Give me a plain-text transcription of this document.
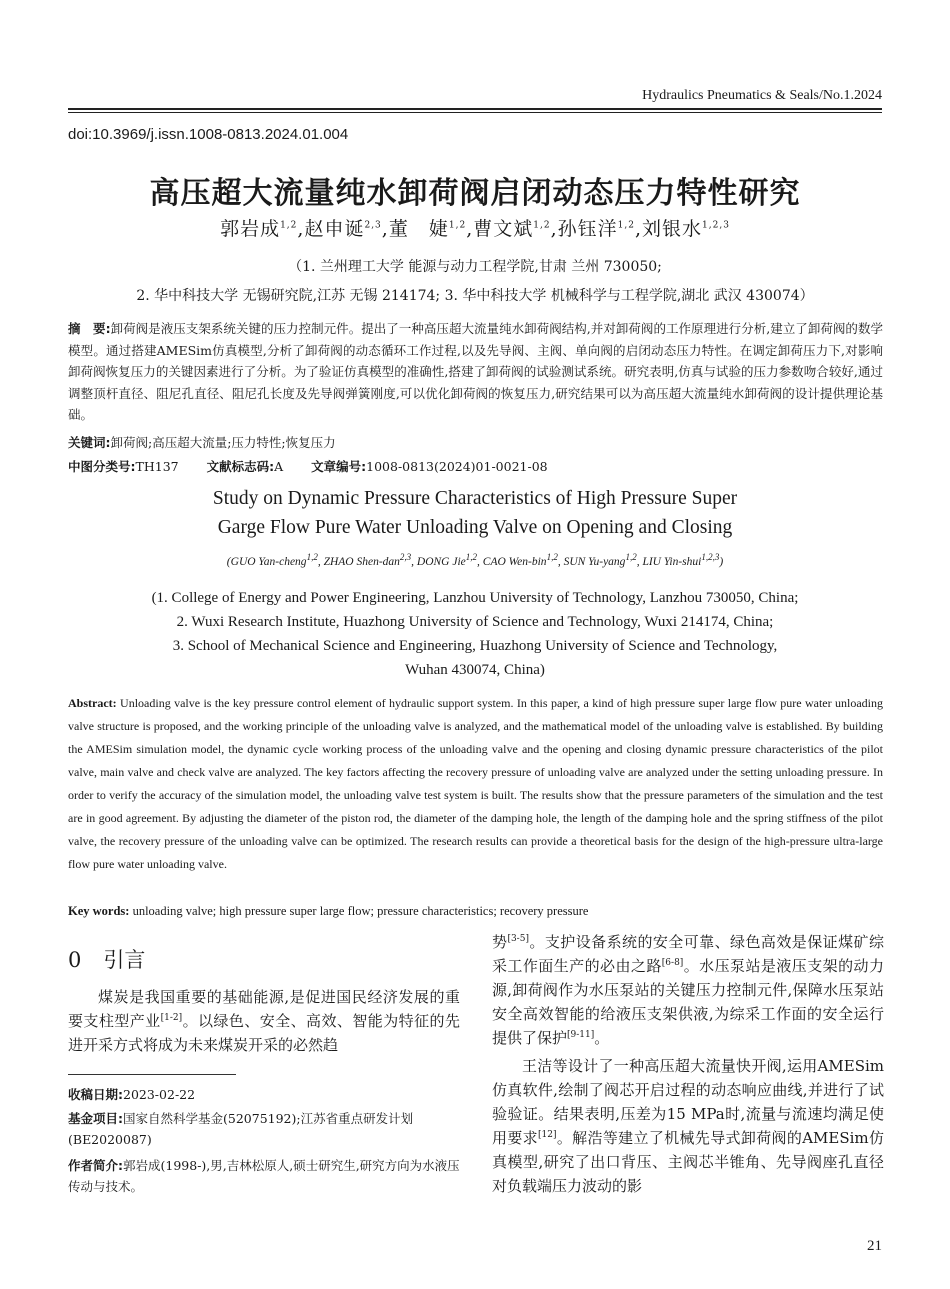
Hydraulics Pneumatics & Seals/No.1.2024
doi:10.3969/j.issn.1008-0813.2024.01.004
高压超大流量纯水卸荷阀启闭动态压力特性研究
郭岩成$^{1,2}$,赵申诞$^{2,3}$,董　婕$^{1,2}$,曹文斌$^{1,2}$,孙钰洋$^{1,2}$,刘银水$^{1,2,3}$
（1. 兰州理工大学 能源与动力工程学院,甘肃 兰州 730050;
2. 华中科技大学 无锡研究院,江苏 无锡 214174; 3. 华中科技大学 机械科学与工程学院,湖北 武汉 430074）
摘　要:卸荷阀是液压支架系统关键的压力控制元件。提出了一种高压超大流量纯水卸荷阀结构,并对卸荷阀的工作原理进行分析,建立了卸荷阀的数学模型。通过搭建AMESim仿真模型,分析了卸荷阀的动态循环工作过程,以及先导阀、主阀、单向阀的启闭动态压力特性。在调定卸荷压力下,对影响卸荷阀恢复压力的关键因素进行了分析。为了验证仿真模型的准确性,搭建了卸荷阀的试验测试系统。研究表明,仿真与试验的压力参数吻合较好,通过调整顶杆直径、阻尼孔直径、阻尼孔长度及先导阀弹簧刚度,可以优化卸荷阀的恢复压力,研究结果可以为高压超大流量纯水卸荷阀的设计提供理论基础。
关键词:卸荷阀;高压超大流量;压力特性;恢复压力
中图分类号:TH137 文献标志码:A 文章编号:1008-0813(2024)01-0021-08
Study on Dynamic Pressure Characteristics of High Pressure Super
Garge Flow Pure Water Unloading Valve on Opening and Closing
(GUO Yan-cheng$^{1,2}$, ZHAO Shen-dan$^{2,3}$, DONG Jie$^{1,2}$, CAO Wen-bin$^{1,2}$, SUN Yu-yang$^{1,2}$, LIU Yin-shui$^{1,2,3}$)
(1. College of Energy and Power Engineering, Lanzhou University of Technology, Lanzhou 730050, China;
2. Wuxi Research Institute, Huazhong University of Science and Technology, Wuxi 214174, China;
3. School of Mechanical Science and Engineering, Huazhong University of Science and Technology,
Wuhan 430074, China)
Abstract: Unloading valve is the key pressure control element of hydraulic support system. In this paper, a kind of high pressure super large flow pure water unloading valve structure is proposed, and the working principle of the unloading valve is analyzed, and the mathematical model of the unloading valve is established. By building the AMESim simulation model, the dynamic cycle working process of the unloading valve and the opening and closing dynamic pressure characteristics of the pilot valve, main valve and check valve are analyzed. The key factors affecting the recovery pressure of unloading valve are analyzed under the setting unloading pressure. In order to verify the accuracy of the simulation model, the unloading valve test system is built. The results show that the pressure parameters of the simulation and the test are in good agreement. By adjusting the diameter of the piston rod, the diameter of the damping hole, the length of the damping hole and the spring stiffness of the pilot valve, the recovery pressure of the unloading valve can be optimized. The research results can provide a theoretical basis for the design of the high-pressure ultra-large flow pure water unloading valve.
Key words: unloading valve; high pressure super large flow; pressure characteristics; recovery pressure
0 引言
煤炭是我国重要的基础能源,是促进国民经济发展的重要支柱型产业[1-2]。以绿色、安全、高效、智能为特征的先进开采方式将成为未来煤炭开采的必然趋
收稿日期:2023-02-22
基金项目:国家自然科学基金(52075192);江苏省重点研发计划(BE2020087)
作者简介:郭岩成(1998-),男,吉林松原人,硕士研究生,研究方向为水液压传动与技术。
势[3-5]。支护设备系统的安全可靠、绿色高效是保证煤矿综采工作面生产的必由之路[6-8]。水压泵站是液压支架的动力源,卸荷阀作为水压泵站的关键压力控制元件,保障水压泵站安全高效智能的给液压支架供液,为综采工作面的安全运行提供了保护[9-11]。
王洁等设计了一种高压超大流量快开阀,运用AMESim仿真软件,绘制了阀芯开启过程的动态响应曲线,并进行了试验验证。结果表明,压差为15 MPa时,流量与流速均满足使用要求[12]。解浩等建立了机械先导式卸荷阀的AMESim仿真模型,研究了出口背压、主阀芯半锥角、先导阀座孔直径对负载端压力波动的影
21
